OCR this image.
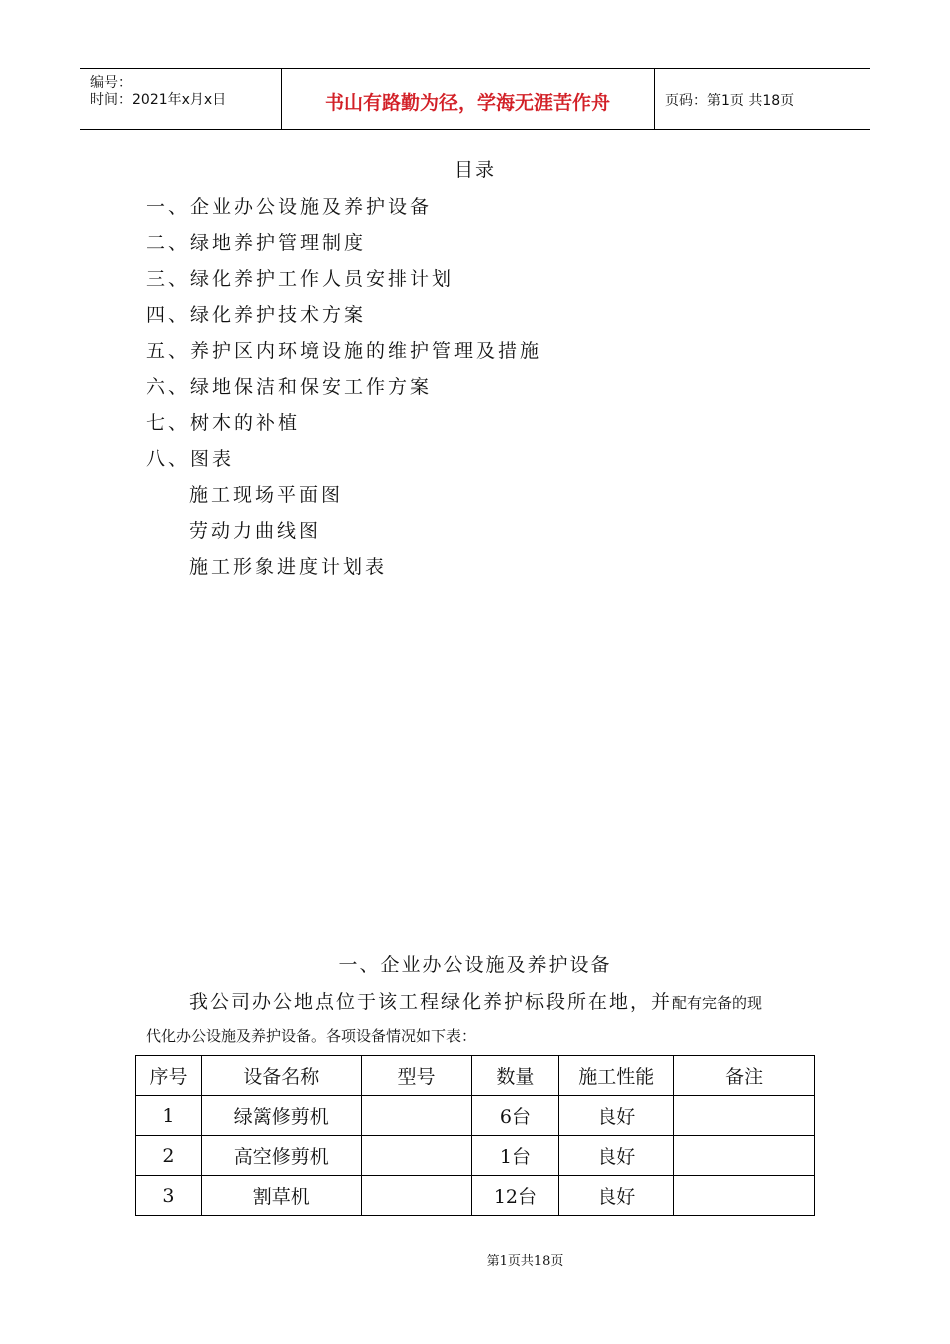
编号：
时间：2021年x月x日	书山有路勤为径，学海无涯苦作舟	页码：第1页 共18页
目录
一、企业办公设施及养护设备
二、绿地养护管理制度
三、绿化养护工作人员安排计划
四、绿化养护技术方案
五、养护区内环境设施的维护管理及措施
六、绿地保洁和保安工作方案
七、树木的补植
八、图表
施工现场平面图
劳动力曲线图
施工形象进度计划表
一、企业办公设施及养护设备
我公司办公地点位于该工程绿化养护标段所在地，并配有完备的现
代化办公设施及养护设备。各项设备情况如下表：
序号	设备名称	型号	数量	施工性能	备注
1	绿篱修剪机		6台	良好	
2	高空修剪机		1台	良好	
3	割草机		12台	良好	
第1页共18页
